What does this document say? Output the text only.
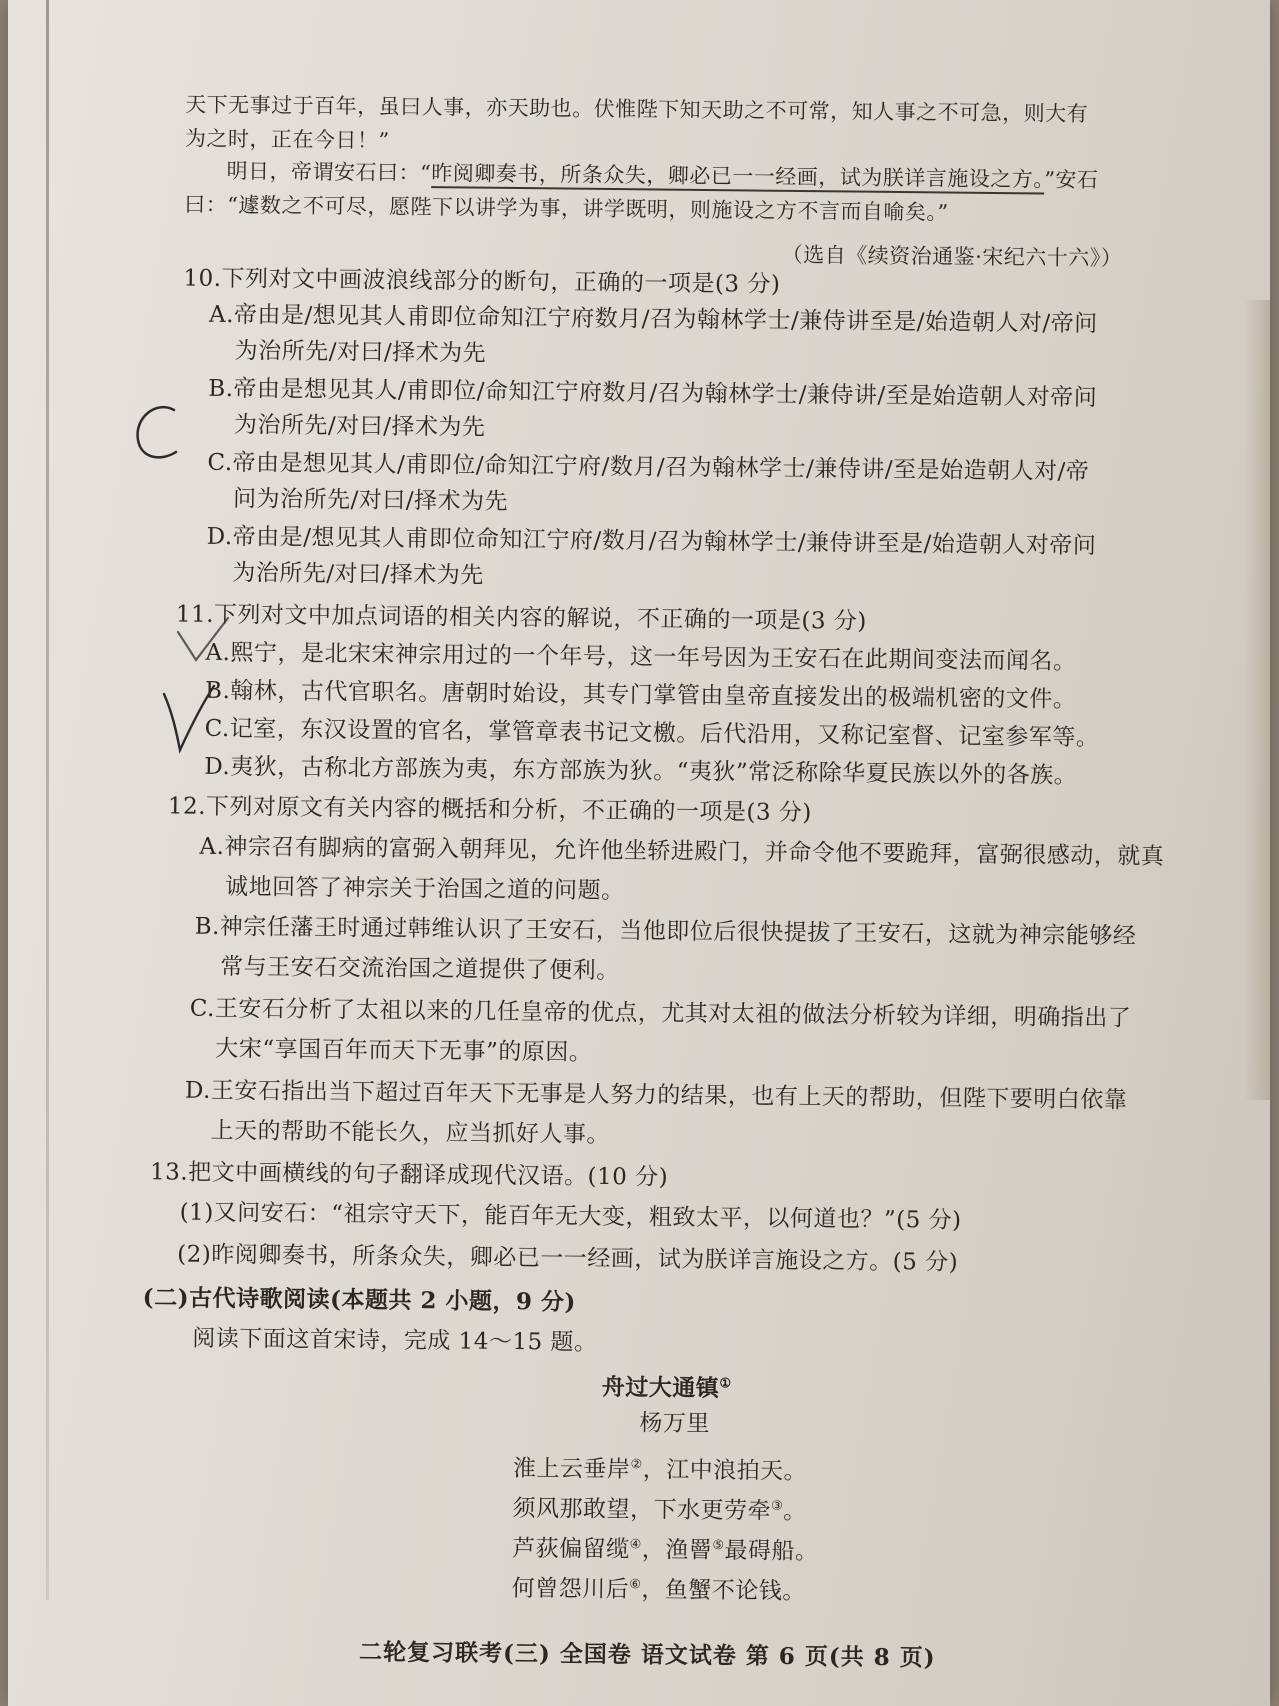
天下无事过于百年，虽曰人事，亦天助也。伏惟陛下知天助之不可常，知人事之不可急，则大有
为之时，正在今日！”
明日，帝谓安石曰：“昨阅卿奏书，所条众失，卿必已一一经画，试为朕详言施设之方。”安石
曰：“遽数之不可尽，愿陛下以讲学为事，讲学既明，则施设之方不言而自喻矣。”
（选自《续资治通鉴·宋纪六十六》）
10.下列对文中画波浪线部分的断句，正确的一项是(3 分)
A.帝由是/想见其人甫即位命知江宁府数月/召为翰林学士/兼侍讲至是/始造朝人对/帝问
为治所先/对曰/择术为先
B.帝由是想见其人/甫即位/命知江宁府数月/召为翰林学士/兼侍讲/至是始造朝人对帝问
为治所先/对曰/择术为先
C.帝由是想见其人/甫即位/命知江宁府/数月/召为翰林学士/兼侍讲/至是始造朝人对/帝
问为治所先/对曰/择术为先
D.帝由是/想见其人甫即位命知江宁府/数月/召为翰林学士/兼侍讲至是/始造朝人对帝问
为治所先/对曰/择术为先
11.下列对文中加点词语的相关内容的解说，不正确的一项是(3 分)
A.熙宁，是北宋宋神宗用过的一个年号，这一年号因为王安石在此期间变法而闻名。
B.翰林，古代官职名。唐朝时始设，其专门掌管由皇帝直接发出的极端机密的文件。
C.记室，东汉设置的官名，掌管章表书记文檄。后代沿用，又称记室督、记室参军等。
D.夷狄，古称北方部族为夷，东方部族为狄。“夷狄”常泛称除华夏民族以外的各族。
12.下列对原文有关内容的概括和分析，不正确的一项是(3 分)
A.神宗召有脚病的富弼入朝拜见，允许他坐轿进殿门，并命令他不要跪拜，富弼很感动，就真
诚地回答了神宗关于治国之道的问题。
B.神宗任藩王时通过韩维认识了王安石，当他即位后很快提拔了王安石，这就为神宗能够经
常与王安石交流治国之道提供了便利。
C.王安石分析了太祖以来的几任皇帝的优点，尤其对太祖的做法分析较为详细，明确指出了
大宋“享国百年而天下无事”的原因。
D.王安石指出当下超过百年天下无事是人努力的结果，也有上天的帮助，但陛下要明白依靠
上天的帮助不能长久，应当抓好人事。
13.把文中画横线的句子翻译成现代汉语。(10 分)
(1)又问安石：“祖宗守天下，能百年无大变，粗致太平，以何道也？”(5 分)
(2)昨阅卿奏书，所条众失，卿必已一一经画，试为朕详言施设之方。(5 分)
(二)古代诗歌阅读(本题共 2 小题，9 分)
阅读下面这首宋诗，完成 14～15 题。
舟过大通镇①
杨万里
淮上云垂岸②，江中浪拍天。
须风那敢望，下水更劳牵③。
芦荻偏留缆④，渔罾⑤最碍船。
何曾怨川后⑥，鱼蟹不论钱。
二轮复习联考(三) 全国卷 语文试卷 第 6 页(共 8 页)
